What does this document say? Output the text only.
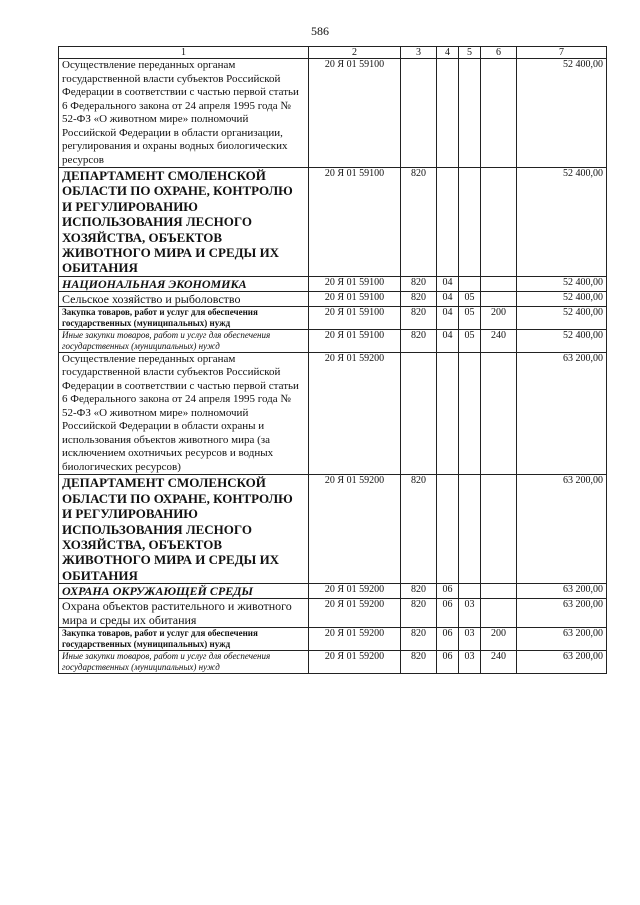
586
1	2	3	4	5	6	7
Осуществление переданных органам государственной власти субъектов Российской Федерации в соответствии с частью первой статьи 6 Федерального закона от 24 апреля 1995 года № 52-ФЗ «О животном мире» полномочий Российской Федерации в области организации, регулирования и охраны водных биологических ресурсов	20 Я 01 59100					52 400,00
ДЕПАРТАМЕНТ СМОЛЕНСКОЙ ОБЛАСТИ ПО ОХРАНЕ, КОНТРОЛЮ И РЕГУЛИРОВАНИЮ ИСПОЛЬЗОВАНИЯ ЛЕСНОГО ХОЗЯЙСТВА, ОБЪЕКТОВ ЖИВОТНОГО МИРА И СРЕДЫ ИХ ОБИТАНИЯ	20 Я 01 59100	820				52 400,00
НАЦИОНАЛЬНАЯ ЭКОНОМИКА	20 Я 01 59100	820	04			52 400,00
Сельское хозяйство и рыболовство	20 Я 01 59100	820	04	05		52 400,00
Закупка товаров, работ и услуг для обеспечения государственных (муниципальных) нужд	20 Я 01 59100	820	04	05	200	52 400,00
Иные закупки товаров, работ и услуг для обеспечения государственных (муниципальных) нужд	20 Я 01 59100	820	04	05	240	52 400,00
Осуществление переданных органам государственной власти субъектов Российской Федерации в соответствии с частью первой статьи 6 Федерального закона от 24 апреля 1995 года № 52-ФЗ «О животном мире» полномочий Российской Федерации в области охраны и использования объектов животного мира (за исключением охотничьих ресурсов и водных биологических ресурсов)	20 Я 01 59200					63 200,00
ДЕПАРТАМЕНТ СМОЛЕНСКОЙ ОБЛАСТИ ПО ОХРАНЕ, КОНТРОЛЮ И РЕГУЛИРОВАНИЮ ИСПОЛЬЗОВАНИЯ ЛЕСНОГО ХОЗЯЙСТВА, ОБЪЕКТОВ ЖИВОТНОГО МИРА И СРЕДЫ ИХ ОБИТАНИЯ	20 Я 01 59200	820				63 200,00
ОХРАНА ОКРУЖАЮЩЕЙ СРЕДЫ	20 Я 01 59200	820	06			63 200,00
Охрана объектов растительного и животного мира и среды их обитания	20 Я 01 59200	820	06	03		63 200,00
Закупка товаров, работ и услуг для обеспечения государственных (муниципальных) нужд	20 Я 01 59200	820	06	03	200	63 200,00
Иные закупки товаров, работ и услуг для обеспечения государственных (муниципальных) нужд	20 Я 01 59200	820	06	03	240	63 200,00
